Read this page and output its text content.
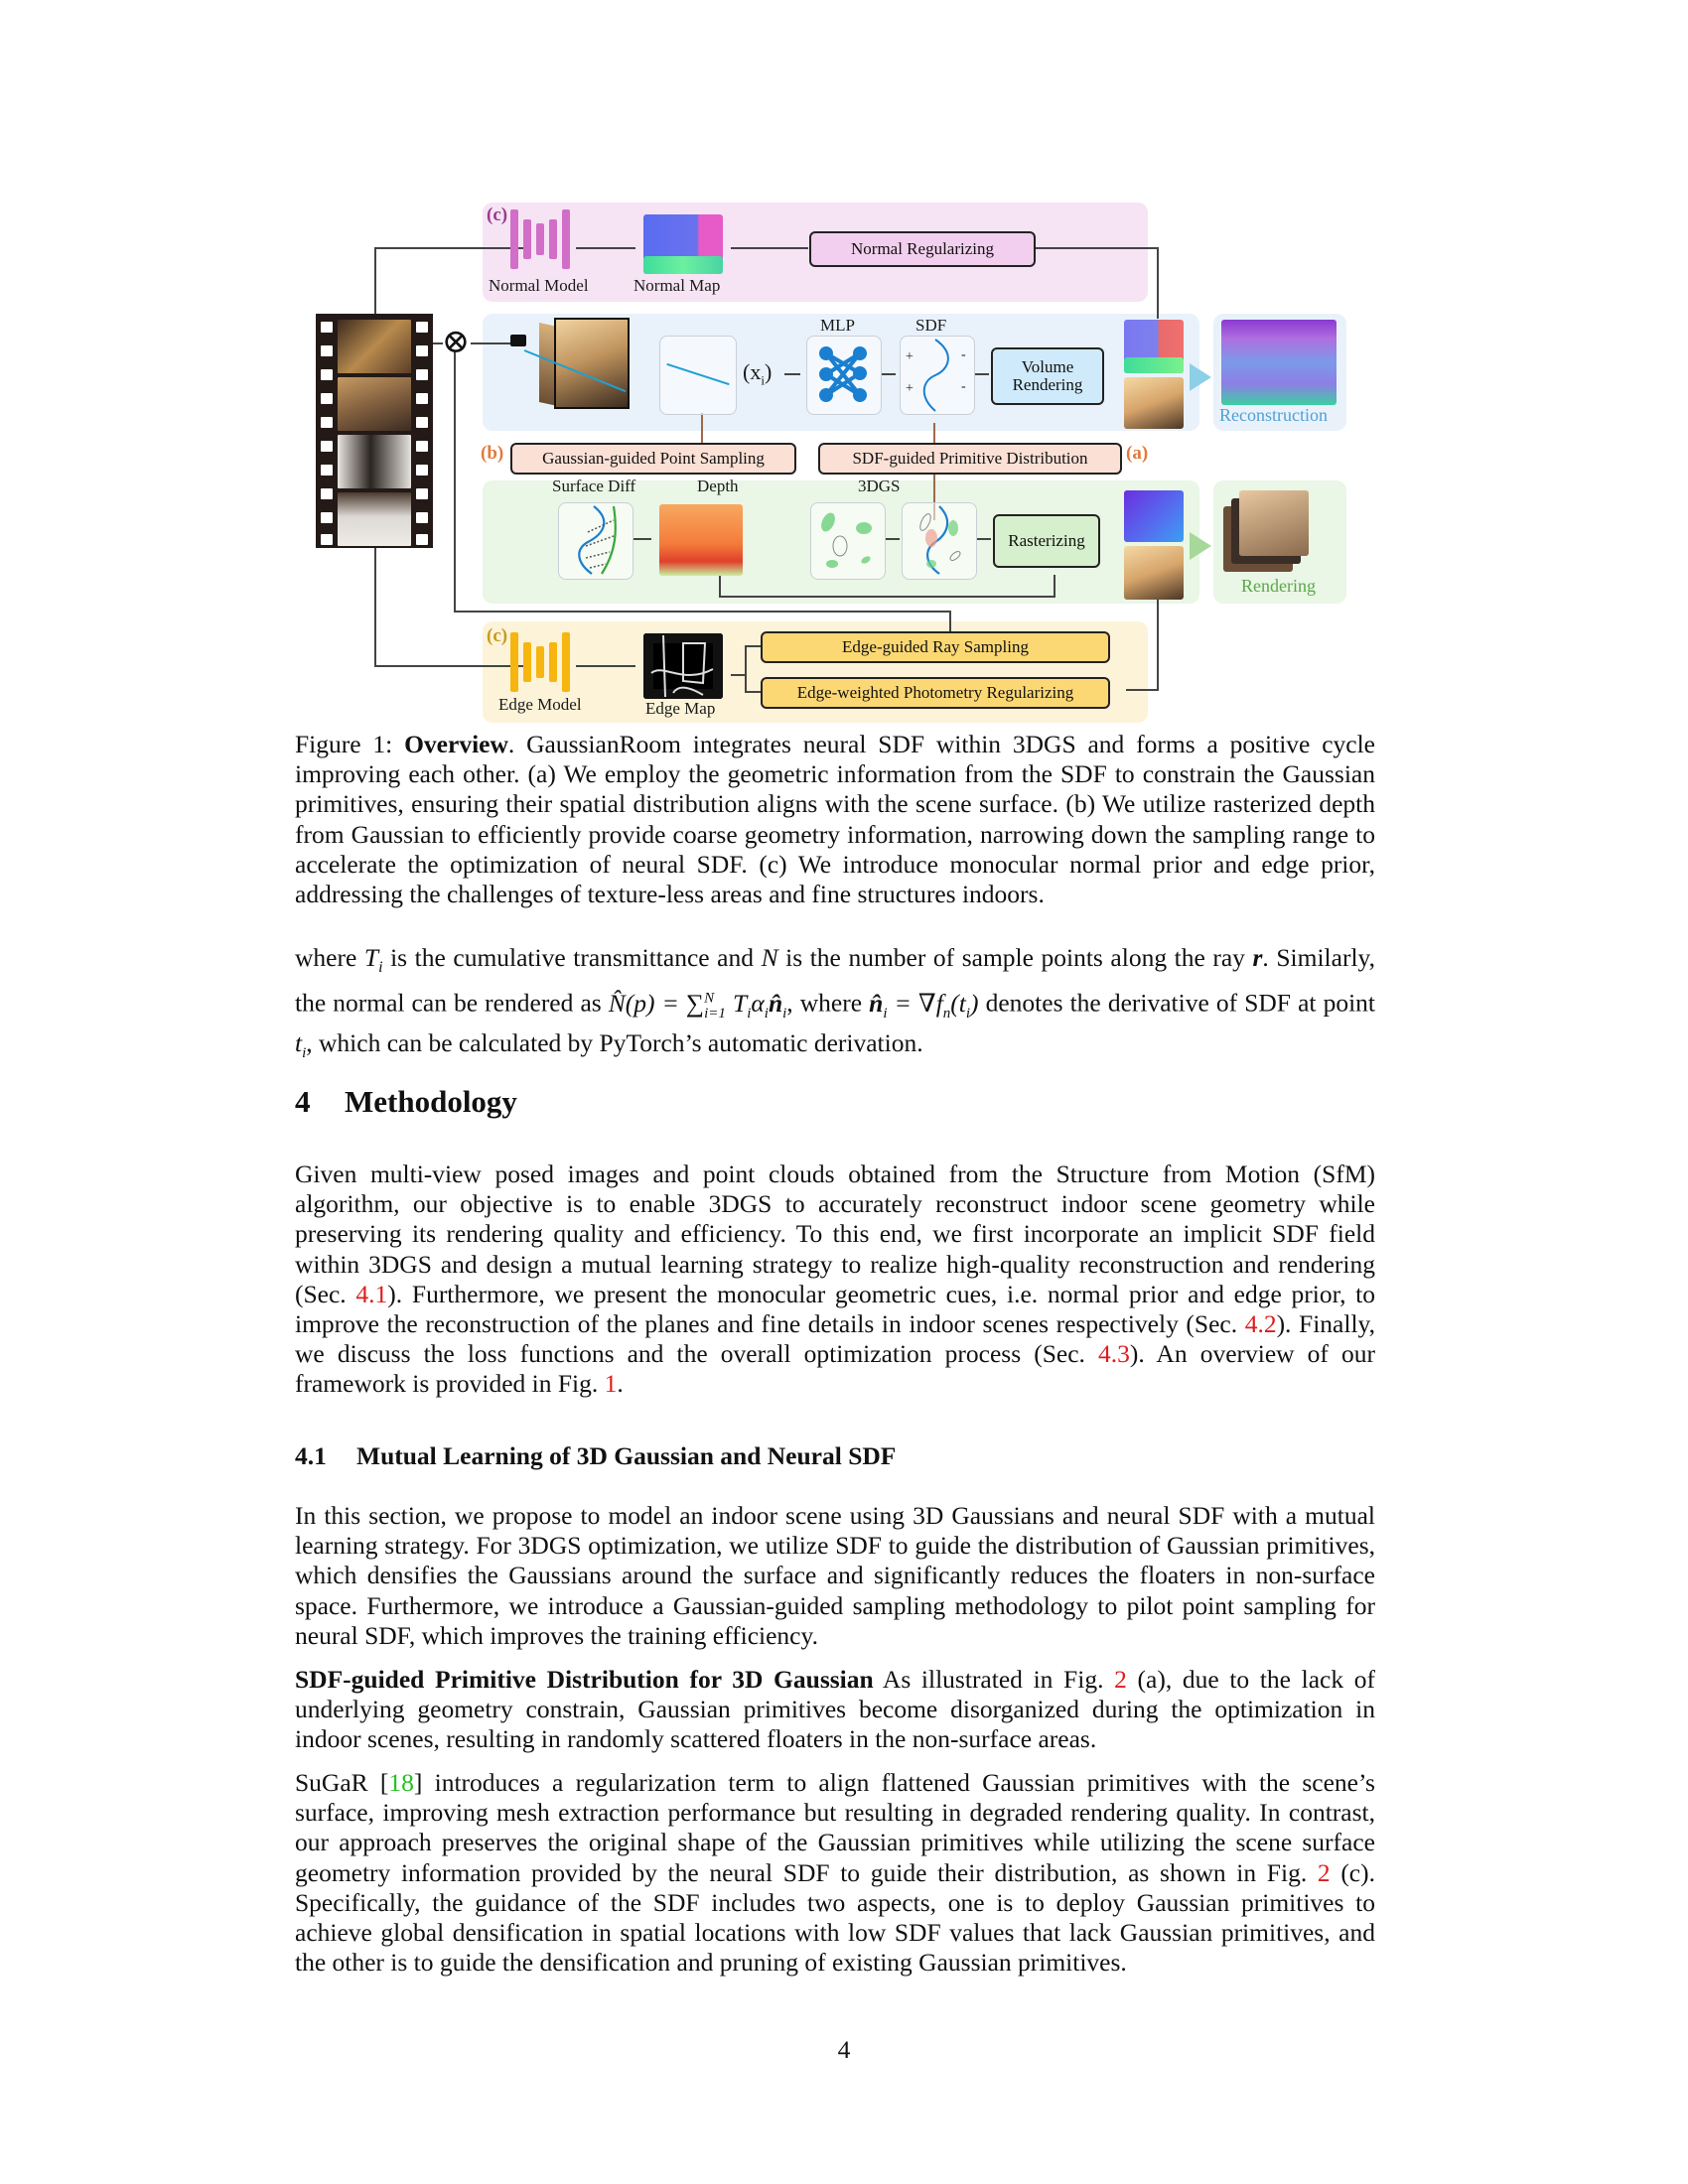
(c)
Normal Model	Normal Map
Normal Regularizing
⊗
$(x_i)$
MLP	SDF
+
+
-
-
Volume
Rendering
Reconstruction
(b)	Gaussian-guided Point Sampling	SDF-guided Primitive Distribution	(a)
Surface Diff	Depth	3DGS
Rasterizing
Rendering
(c)
Edge Model	Edge Map
Edge-guided Ray Sampling
Edge-weighted Photometry Regularizing
Figure 1: Overview. GaussianRoom integrates neural SDF within 3DGS and forms a positive cycle improving each other. (a) We employ the geometric information from the SDF to constrain the Gaussian primitives, ensuring their spatial distribution aligns with the scene surface. (b) We utilize rasterized depth from Gaussian to efficiently provide coarse geometry information, narrowing down the sampling range to accelerate the optimization of neural SDF. (c) We introduce monocular normal prior and edge prior, addressing the challenges of texture-less areas and fine structures indoors.
where $T_i$ is the cumulative transmittance and N is the number of sample points along the ray r. Similarly, the normal can be rendered as N̂(p) = ∑$^N_{i=1}$ $T_i\alpha_in̂_i$, where $n̂_i = \nabla f_n(t_i)$ denotes the derivative of SDF at point $t_i$, which can be calculated by PyTorch’s automatic derivation.
4 Methodology
Given multi-view posed images and point clouds obtained from the Structure from Motion (SfM) algorithm, our objective is to enable 3DGS to accurately reconstruct indoor scene geometry while preserving its rendering quality and efficiency. To this end, we first incorporate an implicit SDF field within 3DGS and design a mutual learning strategy to realize high-quality reconstruction and rendering (Sec. 4.1). Furthermore, we present the monocular geometric cues, i.e. normal prior and edge prior, to improve the reconstruction of the planes and fine details in indoor scenes respectively (Sec. 4.2). Finally, we discuss the loss functions and the overall optimization process (Sec. 4.3). An overview of our framework is provided in Fig. 1.
4.1 Mutual Learning of 3D Gaussian and Neural SDF
In this section, we propose to model an indoor scene using 3D Gaussians and neural SDF with a mutual learning strategy. For 3DGS optimization, we utilize SDF to guide the distribution of Gaussian primitives, which densifies the Gaussians around the surface and significantly reduces the floaters in non-surface space. Furthermore, we introduce a Gaussian-guided sampling methodology to pilot point sampling for neural SDF, which improves the training efficiency.
SDF-guided Primitive Distribution for 3D Gaussian As illustrated in Fig. 2 (a), due to the lack of underlying geometry constrain, Gaussian primitives become disorganized during the optimization in indoor scenes, resulting in randomly scattered floaters in the non-surface areas.
SuGaR [18] introduces a regularization term to align flattened Gaussian primitives with the scene’s surface, improving mesh extraction performance but resulting in degraded rendering quality. In contrast, our approach preserves the original shape of the Gaussian primitives while utilizing the scene surface geometry information provided by the neural SDF to guide their distribution, as shown in Fig. 2 (c). Specifically, the guidance of the SDF includes two aspects, one is to deploy Gaussian primitives to achieve global densification in spatial locations with low SDF values that lack Gaussian primitives, and the other is to guide the densification and pruning of existing Gaussian primitives.
4
